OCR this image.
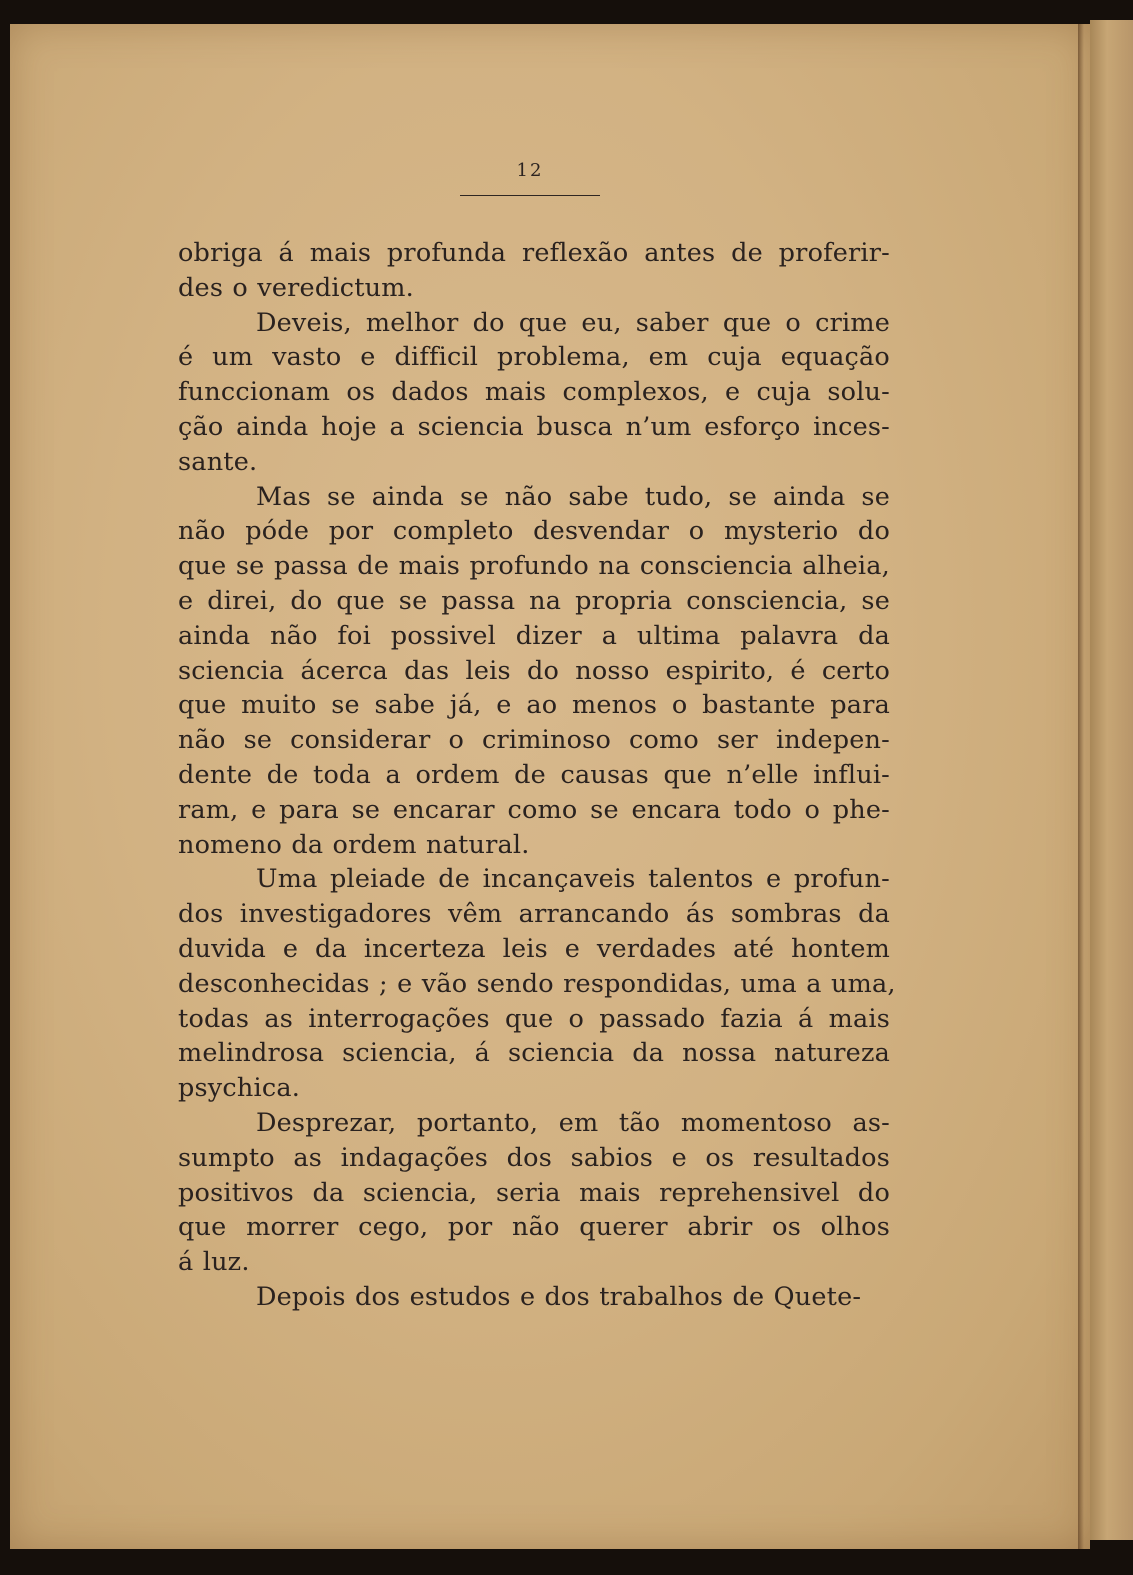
12
obriga á mais profunda reflexão antes de proferir-
des o veredictum.
Deveis, melhor do que eu, saber que o crime
é um vasto e difficil problema, em cuja equação
funccionam os dados mais complexos, e cuja solu-
ção ainda hoje a sciencia busca n’um esforço inces-
sante.
Mas se ainda se não sabe tudo, se ainda se
não póde por completo desvendar o mysterio do
que se passa de mais profundo na consciencia alheia,
e direi, do que se passa na propria consciencia, se
ainda não foi possivel dizer a ultima palavra da
sciencia ácerca das leis do nosso espirito, é certo
que muito se sabe já, e ao menos o bastante para
não se considerar o criminoso como ser indepen-
dente de toda a ordem de causas que n’elle influi-
ram, e para se encarar como se encara todo o phe-
nomeno da ordem natural.
Uma pleiade de incançaveis talentos e profun-
dos investigadores vêm arrancando ás sombras da
duvida e da incerteza leis e verdades até hontem
desconhecidas ; e vão sendo respondidas, uma a uma,
todas as interrogações que o passado fazia á mais
melindrosa sciencia, á sciencia da nossa natureza
psychica.
Desprezar, portanto, em tão momentoso as-
sumpto as indagações dos sabios e os resultados
positivos da sciencia, seria mais reprehensivel do
que morrer cego, por não querer abrir os olhos
á luz.
Depois dos estudos e dos trabalhos de Quete-
